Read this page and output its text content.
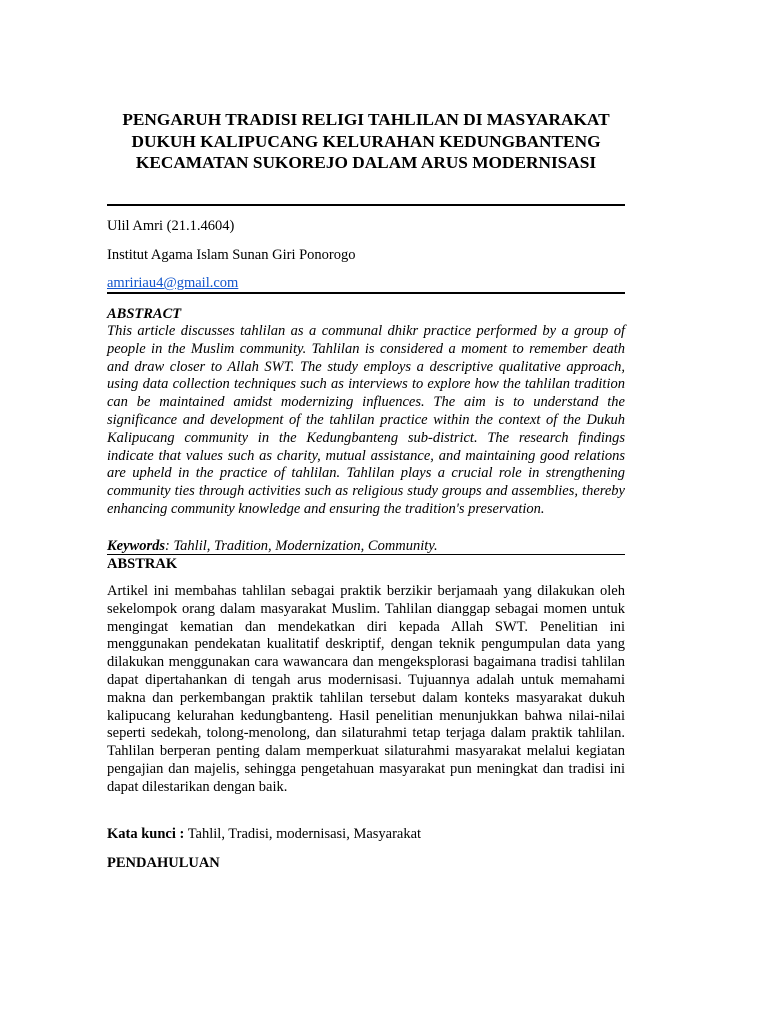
PENGARUH TRADISI RELIGI TAHLILAN DI MASYARAKAT
DUKUH KALIPUCANG KELURAHAN KEDUNGBANTENG
KECAMATAN SUKOREJO DALAM ARUS MODERNISASI
Ulil Amri (21.1.4604)
Institut Agama Islam Sunan Giri Ponorogo
amririau4@gmail.com
ABSTRACT
This article discusses tahlilan as a communal dhikr practice performed by a group of people in the Muslim community. Tahlilan is considered a moment to remember death and draw closer to Allah SWT. The study employs a descriptive qualitative approach, using data collection techniques such as interviews to explore how the tahlilan tradition can be maintained amidst modernizing influences. The aim is to understand the significance and development of the tahlilan practice within the context of the Dukuh Kalipucang community in the Kedungbanteng sub-district. The research findings indicate that values such as charity, mutual assistance, and maintaining good relations are upheld in the practice of tahlilan. Tahlilan plays a crucial role in strengthening community ties through activities such as religious study groups and assemblies, thereby enhancing community knowledge and ensuring the tradition's preservation.
Keywords: Tahlil, Tradition, Modernization, Community.
ABSTRAK
Artikel ini membahas tahlilan sebagai praktik berzikir berjamaah yang dilakukan oleh sekelompok orang dalam masyarakat Muslim. Tahlilan dianggap sebagai momen untuk mengingat kematian dan mendekatkan diri kepada Allah SWT. Penelitian ini menggunakan pendekatan kualitatif deskriptif, dengan teknik pengumpulan data yang dilakukan menggunakan cara wawancara dan mengeksplorasi bagaimana tradisi tahlilan dapat dipertahankan di tengah arus modernisasi. Tujuannya adalah untuk memahami makna dan perkembangan praktik tahlilan tersebut dalam konteks masyarakat dukuh kalipucang kelurahan kedungbanteng. Hasil penelitian menunjukkan bahwa nilai-nilai seperti sedekah, tolong-menolong, dan silaturahmi tetap terjaga dalam praktik tahlilan. Tahlilan berperan penting dalam memperkuat silaturahmi masyarakat melalui kegiatan pengajian dan majelis, sehingga pengetahuan masyarakat pun meningkat dan tradisi ini dapat dilestarikan dengan baik.
Kata kunci : Tahlil, Tradisi, modernisasi, Masyarakat
PENDAHULUAN
